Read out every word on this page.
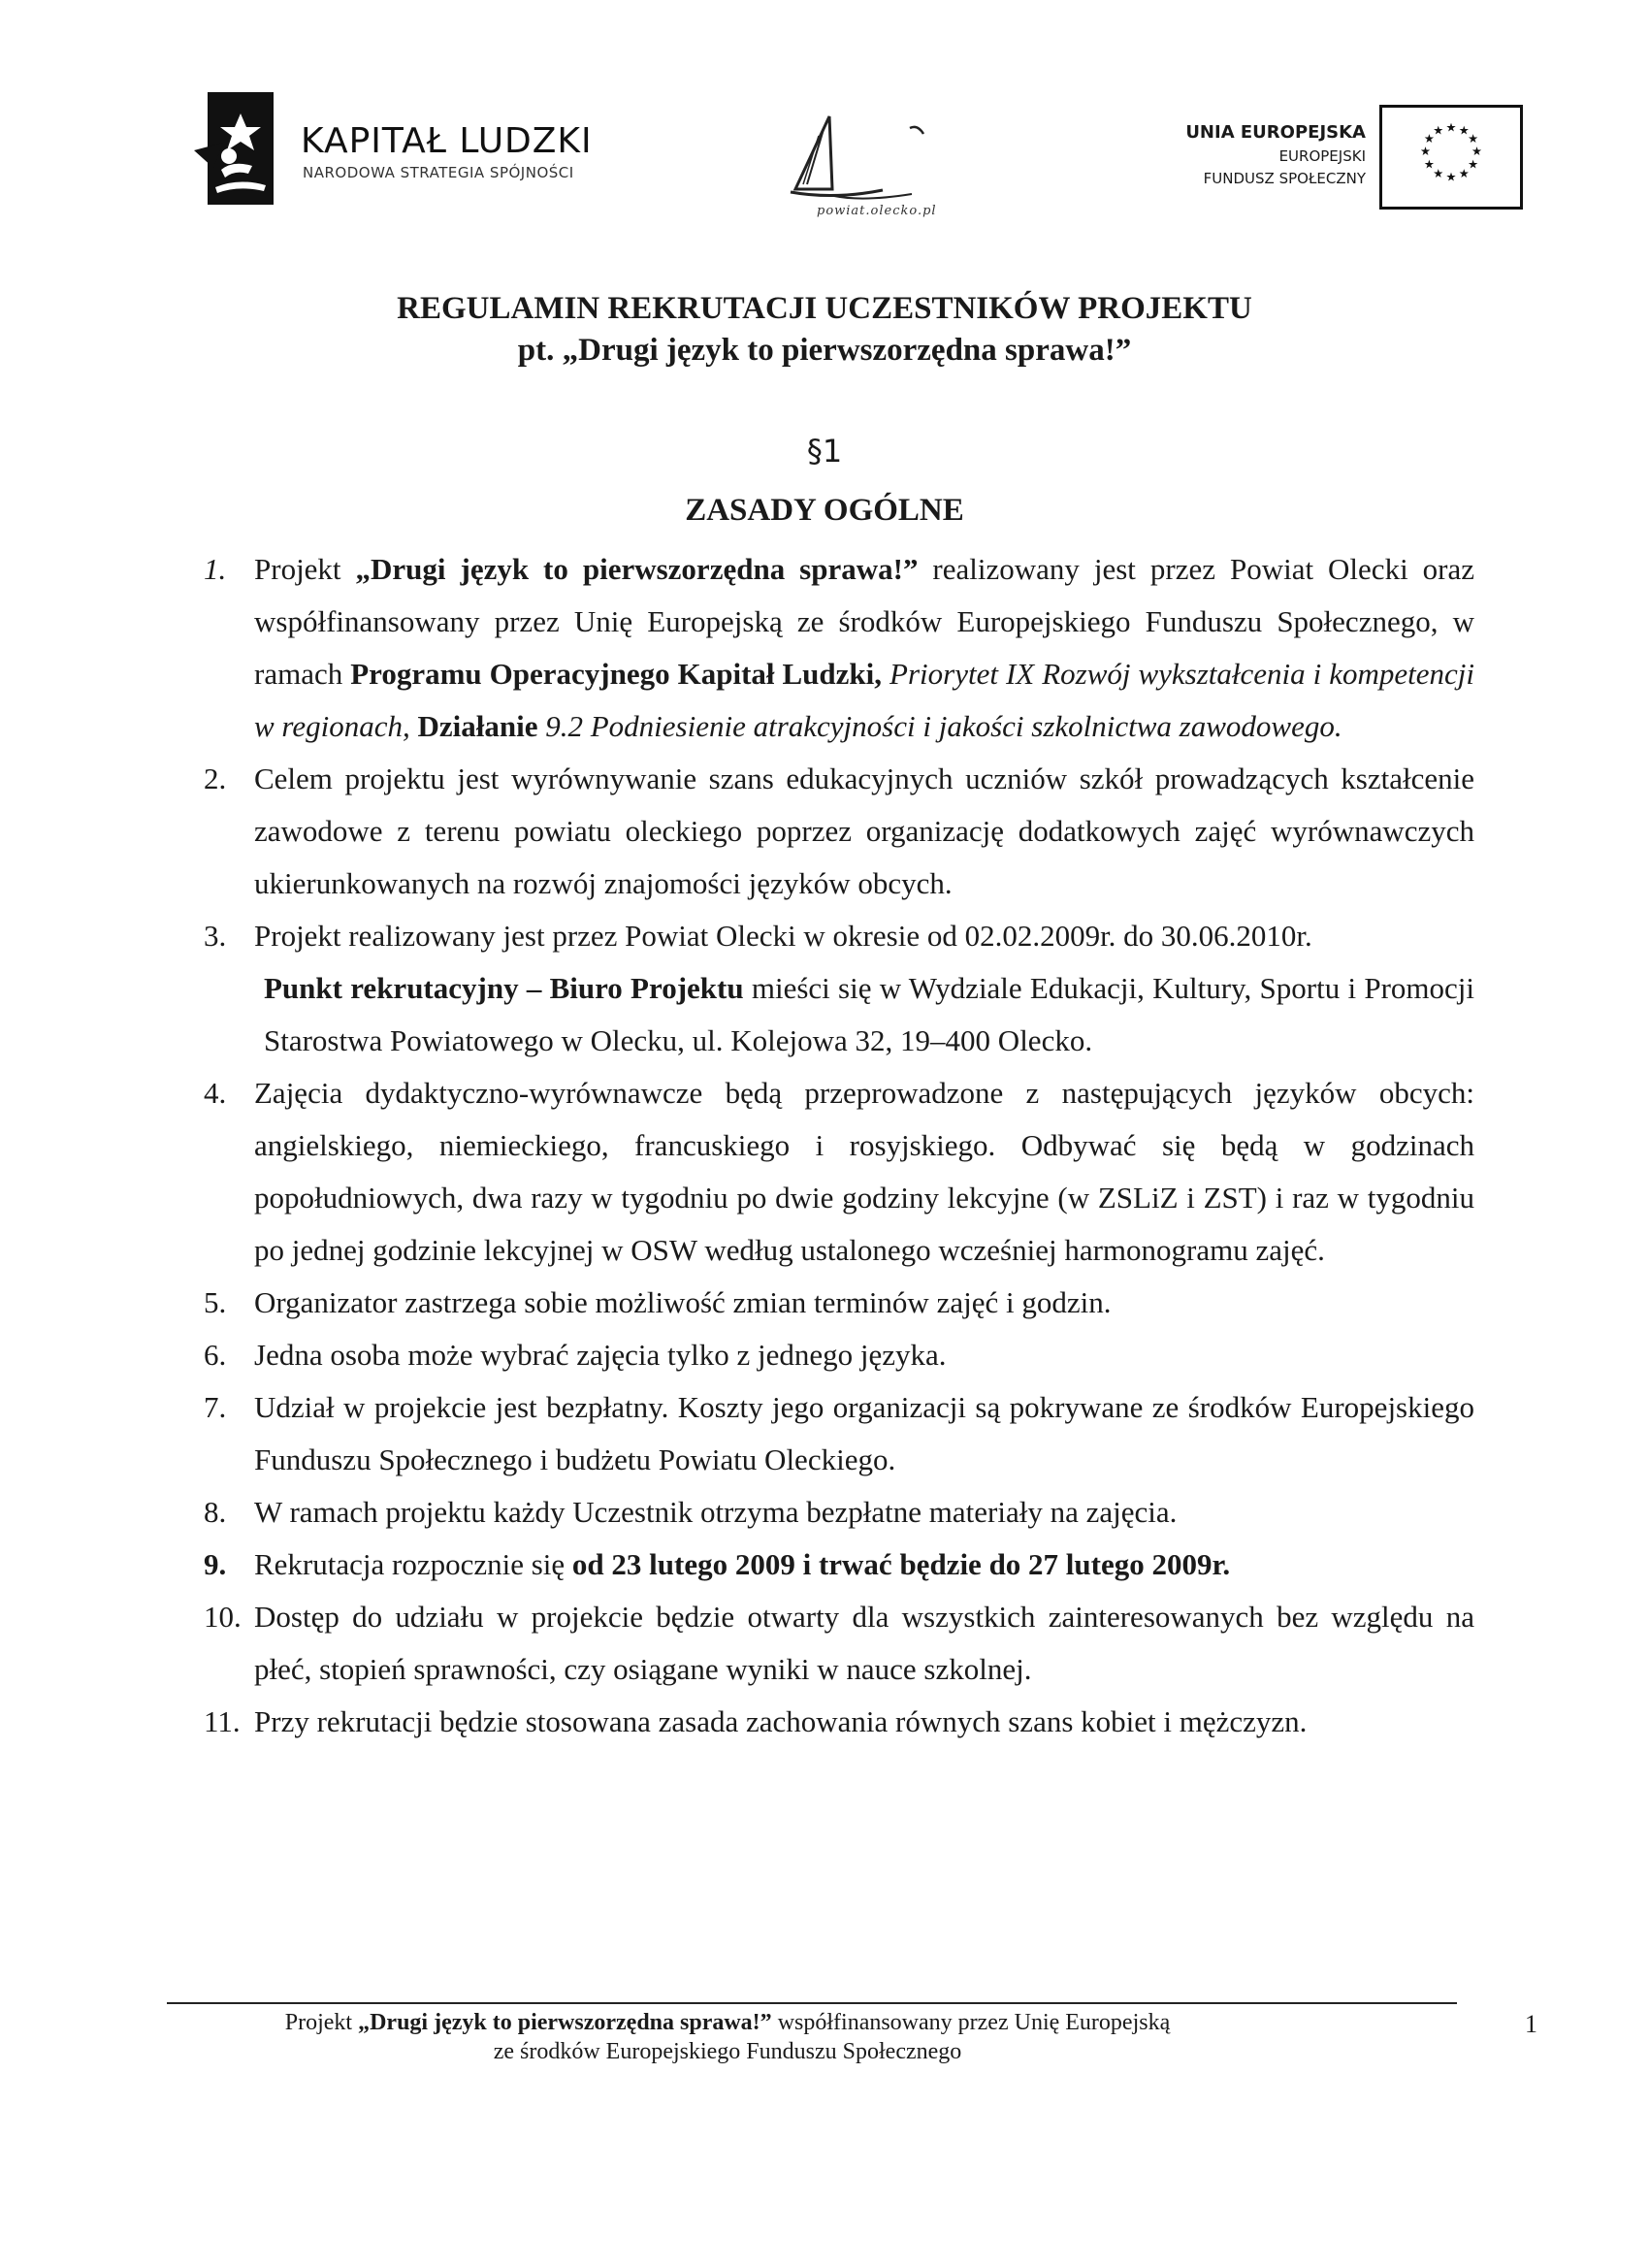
KAPITAŁ LUDZKI
NARODOWA STRATEGIA SPÓJNOŚCI
powiat.olecko.pl
UNIA EUROPEJSKA
EUROPEJSKI
FUNDUSZ SPOŁECZNY
★ ★
★
★
★
★
★
★
★
★
★
★
REGULAMIN REKRUTACJI UCZESTNIKÓW PROJEKTU
pt. „Drugi język to pierwszorzędna sprawa!”
§1
ZASADY OGÓLNE
1. Projekt „Drugi język to pierwszorzędna sprawa!” realizowany jest przez Powiat Olecki oraz współfinansowany przez Unię Europejską ze środków Europejskiego Funduszu Społecznego, w ramach Programu Operacyjnego Kapitał Ludzki, Priorytet IX Rozwój wykształcenia i kompetencji w regionach, Działanie 9.2 Podniesienie atrakcyjności i jakości szkolnictwa zawodowego.
2. Celem projektu jest wyrównywanie szans edukacyjnych uczniów szkół prowadzących kształcenie zawodowe z terenu powiatu oleckiego poprzez organizację dodatkowych zajęć wyrównawczych ukierunkowanych na rozwój znajomości języków obcych.
3. Projekt realizowany jest przez Powiat Olecki w okresie od 02.02.2009r. do 30.06.2010r.
Punkt rekrutacyjny – Biuro Projektu mieści się w Wydziale Edukacji, Kultury, Sportu i Promocji Starostwa Powiatowego w Olecku, ul. Kolejowa 32, 19–400 Olecko.
4. Zajęcia dydaktyczno-wyrównawcze będą przeprowadzone z następujących języków obcych: angielskiego, niemieckiego, francuskiego i rosyjskiego. Odbywać się będą w godzinach popołudniowych, dwa razy w tygodniu po dwie godziny lekcyjne (w ZSLiZ i ZST) i raz w tygodniu po jednej godzinie lekcyjnej w OSW według ustalonego wcześniej harmonogramu zajęć.
5. Organizator zastrzega sobie możliwość zmian terminów zajęć i godzin.
6. Jedna osoba może wybrać zajęcia tylko z jednego języka.
7. Udział w projekcie jest bezpłatny. Koszty jego organizacji są pokrywane ze środków Europejskiego Funduszu Społecznego i budżetu Powiatu Oleckiego.
8. W ramach projektu każdy Uczestnik otrzyma bezpłatne materiały na zajęcia.
9. Rekrutacja rozpocznie się od 23 lutego 2009 i trwać będzie do 27 lutego 2009r.
10. Dostęp do udziału w projekcie będzie otwarty dla wszystkich zainteresowanych bez względu na płeć, stopień sprawności, czy osiągane wyniki w nauce szkolnej.
11. Przy rekrutacji będzie stosowana zasada zachowania równych szans kobiet i mężczyzn.
Projekt „Drugi język to pierwszorzędna sprawa!” współfinansowany przez Unię Europejską
ze środków Europejskiego Funduszu Społecznego
1
